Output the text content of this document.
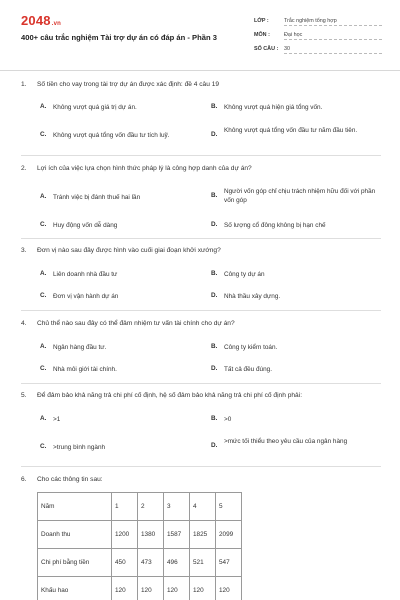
2048.vn
400+ câu trắc nghiệm Tài trợ dự án có đáp án - Phần 3
LỚP :	Trắc nghiệm tổng hợp
MÔN :	Đại học
SỐ CÂU : 30
1. Số tiền cho vay trong tài trợ dự án được xác định: đề 4 câu 19
A. Không vượt quá giá trị dự án.	B. Không vượt quá hiện giá tổng vốn.
C. Không vượt quá tổng vốn đầu tư tích luỹ.	D.
Không vượt quá tổng vốn đầu tư năm đầu tiên.
2. Lợi ích của việc lựa chọn hình thức pháp lý là công hợp danh của dự án?
A. Tránh việc bị đánh thuế hai lần	B.
Người vốn góp chỉ chịu trách nhiệm hữu đối với phần vốn góp
C. Huy động vốn dễ dàng	D. Số lượng cổ đông không bị hạn chế
3. Đơn vị nào sau đây được hình vào cuối giai đoạn khởi xướng?
A. Liên doanh nhà đầu tư	B. Công ty dự án
C. Đơn vị vận hành dự án	D. Nhà thầu xây dựng.
4. Chủ thể nào sau đây có thể đảm nhiệm tư vấn tài chính cho dự án?
A. Ngân hàng đầu tư.	B. Công ty kiểm toán.
C. Nhà môi giới tài chính.	D. Tất cả đều đúng.
5. Để đảm bảo khả năng trả chi phí cố định, hệ số đảm bảo khả năng trả chi phí cố định phải:
A. >1	B. >0
C. >trung bình ngành	D.
>mức tối thiểu theo yêu cầu của ngân hàng
6. Cho các thông tin sau:
Năm	1	2	3	4	5
Doanh thu	1200	1380	1587	1825	2099
Chi phí bằng tiền	450	473	496	521	547
Khấu hao	120	120	120	120	120
